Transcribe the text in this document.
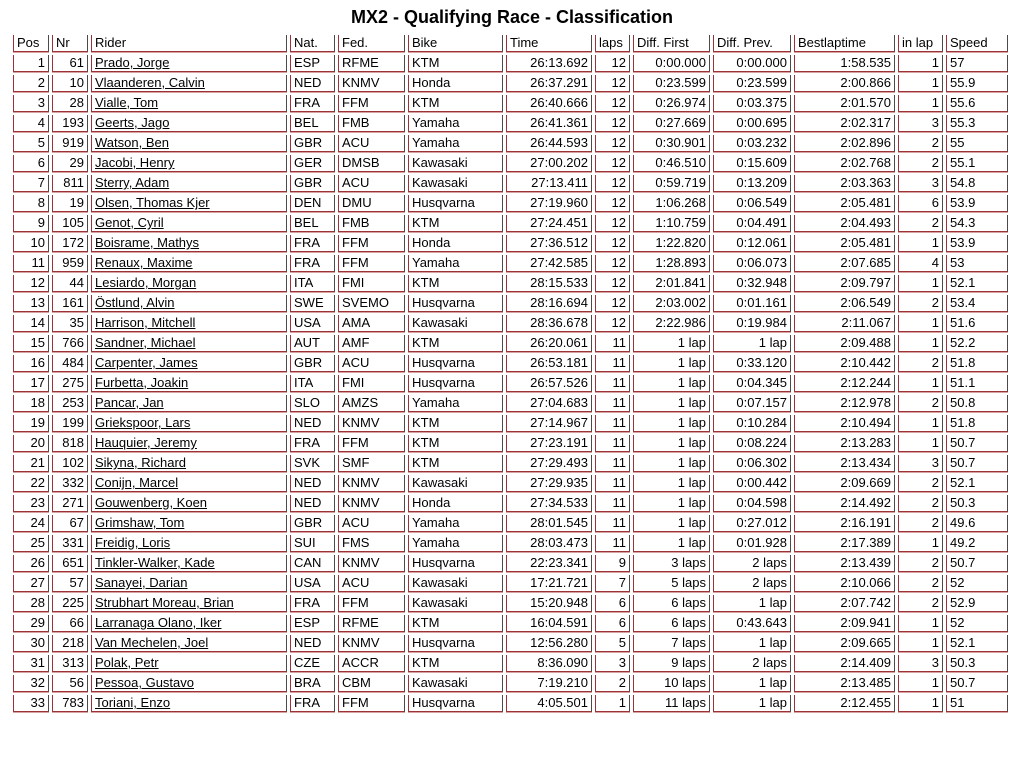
MX2 - Qualifying Race - Classification
Pos	Nr	Rider	Nat.	Fed.	Bike	Time	laps	Diff. First	Diff. Prev.	Bestlaptime	in lap	Speed
1	61	Prado, Jorge	ESP	RFME	KTM	26:13.692	12	0:00.000	0:00.000	1:58.535	1	57
2	10	Vlaanderen, Calvin	NED	KNMV	Honda	26:37.291	12	0:23.599	0:23.599	2:00.866	1	55.9
3	28	Vialle, Tom	FRA	FFM	KTM	26:40.666	12	0:26.974	0:03.375	2:01.570	1	55.6
4	193	Geerts, Jago	BEL	FMB	Yamaha	26:41.361	12	0:27.669	0:00.695	2:02.317	3	55.3
5	919	Watson, Ben	GBR	ACU	Yamaha	26:44.593	12	0:30.901	0:03.232	2:02.896	2	55
6	29	Jacobi, Henry	GER	DMSB	Kawasaki	27:00.202	12	0:46.510	0:15.609	2:02.768	2	55.1
7	811	Sterry, Adam	GBR	ACU	Kawasaki	27:13.411	12	0:59.719	0:13.209	2:03.363	3	54.8
8	19	Olsen, Thomas Kjer	DEN	DMU	Husqvarna	27:19.960	12	1:06.268	0:06.549	2:05.481	6	53.9
9	105	Genot, Cyril	BEL	FMB	KTM	27:24.451	12	1:10.759	0:04.491	2:04.493	2	54.3
10	172	Boisrame, Mathys	FRA	FFM	Honda	27:36.512	12	1:22.820	0:12.061	2:05.481	1	53.9
11	959	Renaux, Maxime	FRA	FFM	Yamaha	27:42.585	12	1:28.893	0:06.073	2:07.685	4	53
12	44	Lesiardo, Morgan	ITA	FMI	KTM	28:15.533	12	2:01.841	0:32.948	2:09.797	1	52.1
13	161	Östlund, Alvin	SWE	SVEMO	Husqvarna	28:16.694	12	2:03.002	0:01.161	2:06.549	2	53.4
14	35	Harrison, Mitchell	USA	AMA	Kawasaki	28:36.678	12	2:22.986	0:19.984	2:11.067	1	51.6
15	766	Sandner, Michael	AUT	AMF	KTM	26:20.061	11	1 lap	1 lap	2:09.488	1	52.2
16	484	Carpenter, James	GBR	ACU	Husqvarna	26:53.181	11	1 lap	0:33.120	2:10.442	2	51.8
17	275	Furbetta, Joakin	ITA	FMI	Husqvarna	26:57.526	11	1 lap	0:04.345	2:12.244	1	51.1
18	253	Pancar, Jan	SLO	AMZS	Yamaha	27:04.683	11	1 lap	0:07.157	2:12.978	2	50.8
19	199	Griekspoor, Lars	NED	KNMV	KTM	27:14.967	11	1 lap	0:10.284	2:10.494	1	51.8
20	818	Hauquier, Jeremy	FRA	FFM	KTM	27:23.191	11	1 lap	0:08.224	2:13.283	1	50.7
21	102	Sikyna, Richard	SVK	SMF	KTM	27:29.493	11	1 lap	0:06.302	2:13.434	3	50.7
22	332	Conijn, Marcel	NED	KNMV	Kawasaki	27:29.935	11	1 lap	0:00.442	2:09.669	2	52.1
23	271	Gouwenberg, Koen	NED	KNMV	Honda	27:34.533	11	1 lap	0:04.598	2:14.492	2	50.3
24	67	Grimshaw, Tom	GBR	ACU	Yamaha	28:01.545	11	1 lap	0:27.012	2:16.191	2	49.6
25	331	Freidig, Loris	SUI	FMS	Yamaha	28:03.473	11	1 lap	0:01.928	2:17.389	1	49.2
26	651	Tinkler-Walker, Kade	CAN	KNMV	Husqvarna	22:23.341	9	3 laps	2 laps	2:13.439	2	50.7
27	57	Sanayei, Darian	USA	ACU	Kawasaki	17:21.721	7	5 laps	2 laps	2:10.066	2	52
28	225	Strubhart Moreau, Brian	FRA	FFM	Kawasaki	15:20.948	6	6 laps	1 lap	2:07.742	2	52.9
29	66	Larranaga Olano, Iker	ESP	RFME	KTM	16:04.591	6	6 laps	0:43.643	2:09.941	1	52
30	218	Van Mechelen, Joel	NED	KNMV	Husqvarna	12:56.280	5	7 laps	1 lap	2:09.665	1	52.1
31	313	Polak, Petr	CZE	ACCR	KTM	8:36.090	3	9 laps	2 laps	2:14.409	3	50.3
32	56	Pessoa, Gustavo	BRA	CBM	Kawasaki	7:19.210	2	10 laps	1 lap	2:13.485	1	50.7
33	783	Toriani, Enzo	FRA	FFM	Husqvarna	4:05.501	1	11 laps	1 lap	2:12.455	1	51
